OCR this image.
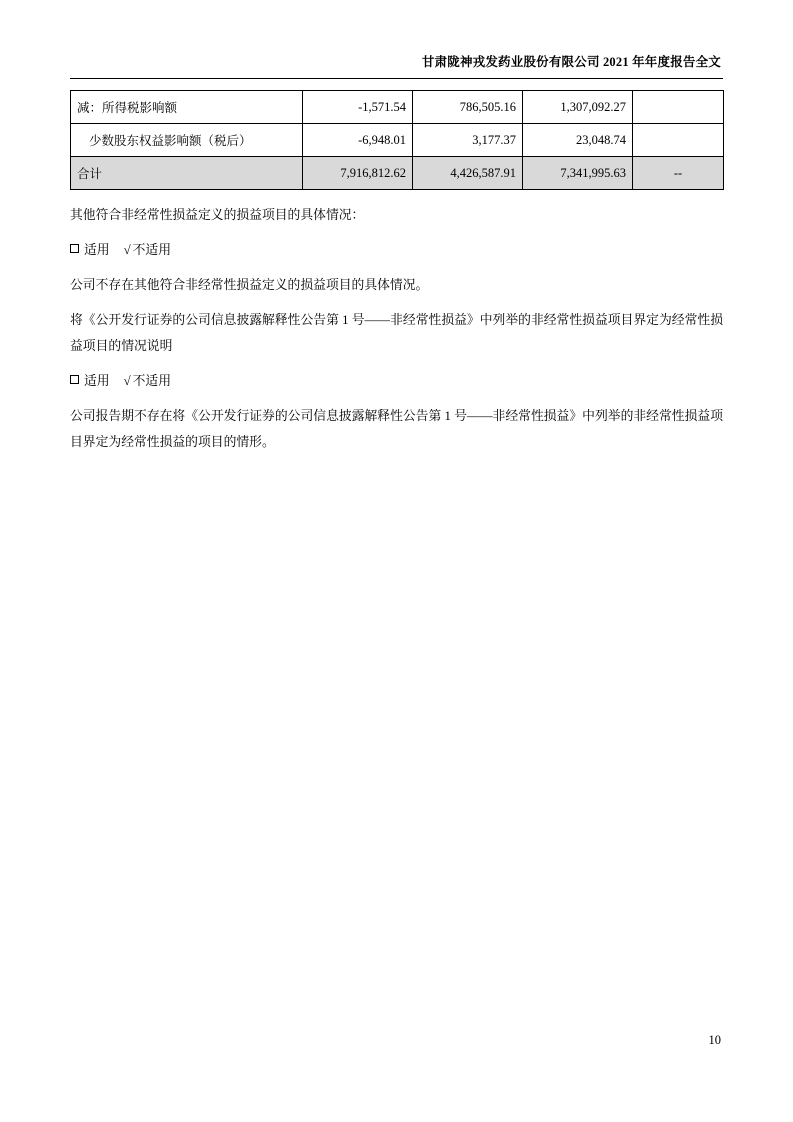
甘肃陇神戎发药业股份有限公司 2021 年年度报告全文
减：所得税影响额	-1,571.54	786,505.16	1,307,092.27	
少数股东权益影响额（税后）	-6,948.01	3,177.37	23,048.74	
合计	7,916,812.62	4,426,587.91	7,341,995.63	--
其他符合非经常性损益定义的损益项目的具体情况：
适用 √ 不适用
公司不存在其他符合非经常性损益定义的损益项目的具体情况。
将《公开发行证券的公司信息披露解释性公告第 1 号——非经常性损益》中列举的非经常性损益项目界定为经常性损益项目的情况说明
适用 √ 不适用
公司报告期不存在将《公开发行证券的公司信息披露解释性公告第 1 号——非经常性损益》中列举的非经常性损益项目界定为经常性损益的项目的情形。
10
